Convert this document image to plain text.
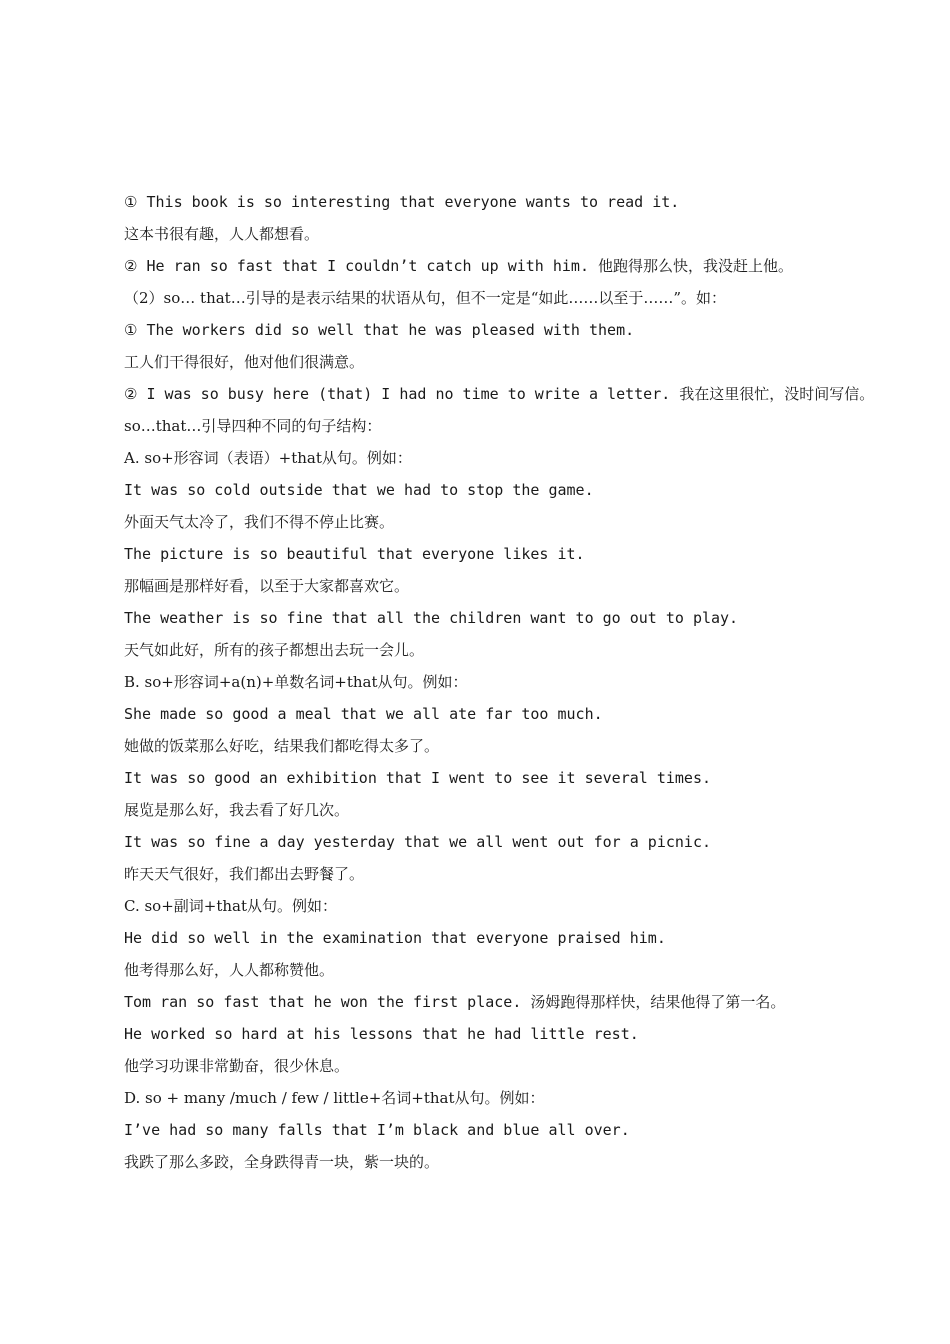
① This book is so interesting that everyone wants to read it.
这本书很有趣，人人都想看。
② He ran so fast that I couldn’t catch up with him. 他跑得那么快，我没赶上他。
（2）so… that…引导的是表示结果的状语从句，但不一定是“如此……以至于……”。如：
① The workers did so well that he was pleased with them.
工人们干得很好，他对他们很满意。
② I was so busy here (that) I had no time to write a letter. 我在这里很忙，没时间写信。
so…that…引导四种不同的句子结构：
A. so+形容词（表语）+that从句。例如：
It was so cold outside that we had to stop the game.
外面天气太冷了，我们不得不停止比赛。
The picture is so beautiful that everyone likes it.
那幅画是那样好看，以至于大家都喜欢它。
The weather is so fine that all the children want to go out to play.
天气如此好，所有的孩子都想出去玩一会儿。
B. so+形容词+a(n)+单数名词+that从句。例如：
She made so good a meal that we all ate far too much.
她做的饭菜那么好吃，结果我们都吃得太多了。
It was so good an exhibition that I went to see it several times.
展览是那么好，我去看了好几次。
It was so fine a day yesterday that we all went out for a picnic.
昨天天气很好，我们都出去野餐了。
C. so+副词+that从句。例如：
He did so well in the examination that everyone praised him.
他考得那么好，人人都称赞他。
Tom ran so fast that he won the first place. 汤姆跑得那样快，结果他得了第一名。
He worked so hard at his lessons that he had little rest.
他学习功课非常勤奋，很少休息。
D. so + many /much / few / little+名词+that从句。例如：
I’ve had so many falls that I’m black and blue all over.
我跌了那么多跤，全身跌得青一块，紫一块的。
